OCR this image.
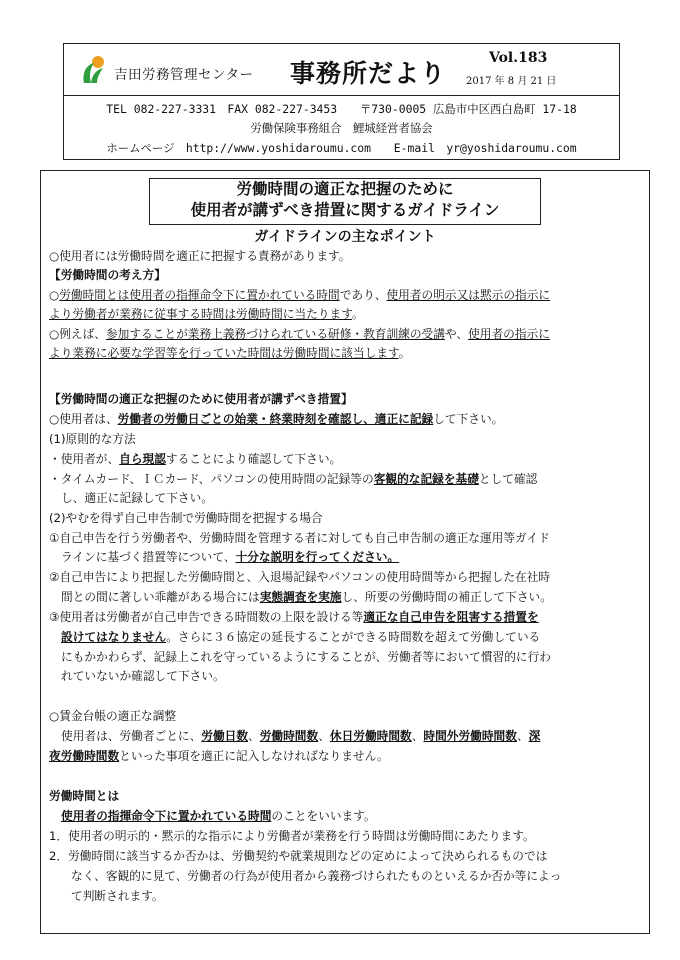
吉田労務管理センター 事務所だより
Vol.183
2017 年 8 月 21 日
TEL 082-227-3331　FAX 082-227-3453　　〒730-0005 広島市中区西白島町 17-18
労働保険事務組合　鯉城経営者協会
ホームページ　http://www.yoshidaroumu.com　　E-mail　yr@yoshidaroumu.com
労働時間の適正な把握のために
使用者が講ずべき措置に関するガイドライン
ガイドラインの主なポイント
○使用者には労働時間を適正に把握する責務があります。
【労働時間の考え方】
○労働時間とは使用者の指揮命令下に置かれている時間であり、使用者の明示又は黙示の指示に
より労働者が業務に従事する時間は労働時間に当たります。
○例えば、参加することが業務上義務づけられている研修・教育訓練の受講や、使用者の指示に
より業務に必要な学習等を行っていた時間は労働時間に該当します。
【労働時間の適正な把握のために使用者が講ずべき措置】
○使用者は、労働者の労働日ごとの始業・終業時刻を確認し、適正に記録して下さい。
(1)原則的な方法
・使用者が、自ら現認することにより確認して下さい。
・タイムカード、ＩＣカード、パソコンの使用時間の記録等の客観的な記録を基礎として確認
し、適正に記録して下さい。
(2)やむを得ず自己申告制で労働時間を把握する場合
①自己申告を行う労働者や、労働時間を管理する者に対しても自己申告制の適正な運用等ガイド
ラインに基づく措置等について、十分な説明を行ってください。
②自己申告により把握した労働時間と、入退場記録やパソコンの使用時間等から把握した在社時
間との間に著しい乖離がある場合には実態調査を実施し、所要の労働時間の補正して下さい。
③使用者は労働者が自己申告できる時間数の上限を設ける等適正な自己申告を阻害する措置を
設けてはなりません。さらに３６協定の延長することができる時間数を超えて労働している
にもかかわらず、記録上これを守っているようにすることが、労働者等において慣習的に行わ
れていないか確認して下さい。
○賃金台帳の適正な調整
使用者は、労働者ごとに、労働日数、労働時間数、休日労働時間数、時間外労働時間数、深
夜労働時間数といった事項を適正に記入しなければなりません。
労働時間とは
使用者の指揮命令下に置かれている時間のことをいいます。
1．使用者の明示的・黙示的な指示により労働者が業務を行う時間は労働時間にあたります。
2．労働時間に該当するか否かは、労働契約や就業規則などの定めによって決められるものでは
なく、客観的に見て、労働者の行為が使用者から義務づけられたものといえるか否か等によっ
て判断されます。
